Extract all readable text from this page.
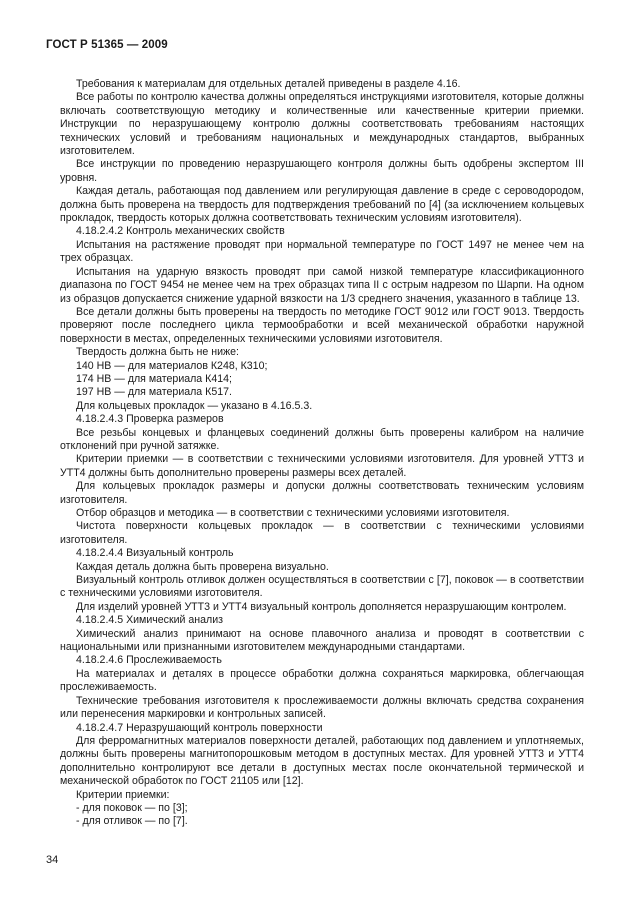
ГОСТ Р 51365 — 2009

Требования к материалам для отдельных деталей приведены в разделе 4.16.

Все работы по контролю качества должны определяться инструкциями изготовителя, которые должны включать соответствующую методику и количественные или качественные критерии приемки. Инструкции по неразрушающему контролю должны соответствовать требованиям настоящих технических условий и требованиям национальных и международных стандартов, выбранных изготовителем.

Все инструкции по проведению неразрушающего контроля должны быть одобрены экспертом III уровня.

Каждая деталь, работающая под давлением или регулирующая давление в среде с сероводородом, должна быть проверена на твердость для подтверждения требований по [4] (за исключением кольцевых прокладок, твердость которых должна соответствовать техническим условиям изготовителя).

4.18.2.4.2 Контроль механических свойств

Испытания на растяжение проводят при нормальной температуре по ГОСТ 1497 не менее чем на трех образцах.

Испытания на ударную вязкость проводят при самой низкой температуре классификационного диапазона по ГОСТ 9454 не менее чем на трех образцах типа II с острым надрезом по Шарпи. На одном из образцов допускается снижение ударной вязкости на 1/3 среднего значения, указанного в таблице 13.

Все детали должны быть проверены на твердость по методике ГОСТ 9012 или ГОСТ 9013. Твердость проверяют после последнего цикла термообработки и всей механической обработки наружной поверхности в местах, определенных техническими условиями изготовителя.

Твердость должна быть не ниже:

140 НВ — для материалов К248, К310;

174 НВ — для материала К414;

197 НВ — для материала К517.

Для кольцевых прокладок — указано в 4.16.5.3.

4.18.2.4.3 Проверка размеров

Все резьбы концевых и фланцевых соединений должны быть проверены калибром на наличие отклонений при ручной затяжке.

Критерии приемки — в соответствии с техническими условиями изготовителя. Для уровней УТТ3 и УТТ4 должны быть дополнительно проверены размеры всех деталей.

Для кольцевых прокладок размеры и допуски должны соответствовать техническим условиям изготовителя.

Отбор образцов и методика — в соответствии с техническими условиями изготовителя.

Чистота поверхности кольцевых прокладок — в соответствии с техническими условиями изготовителя.

4.18.2.4.4 Визуальный контроль

Каждая деталь должна быть проверена визуально.

Визуальный контроль отливок должен осуществляться в соответствии с [7], поковок — в соответствии с техническими условиями изготовителя.

Для изделий уровней УТТ3 и УТТ4 визуальный контроль дополняется неразрушающим контролем.

4.18.2.4.5 Химический анализ

Химический анализ принимают на основе плавочного анализа и проводят в соответствии с национальными или признанными изготовителем международными стандартами.

4.18.2.4.6 Прослеживаемость

На материалах и деталях в процессе обработки должна сохраняться маркировка, облегчающая прослеживаемость.

Технические требования изготовителя к прослеживаемости должны включать средства сохранения или перенесения маркировки и контрольных записей.

4.18.2.4.7 Неразрушающий контроль поверхности

Для ферромагнитных материалов поверхности деталей, работающих под давлением и уплотняемых, должны быть проверены магнитопорошковым методом в доступных местах. Для уровней УТТ3 и УТТ4 дополнительно контролируют все детали в доступных местах после окончательной термической и механической обработок по ГОСТ 21105 или [12].

Критерии приемки:

- для поковок — по [3];

- для отливок — по [7].

34
